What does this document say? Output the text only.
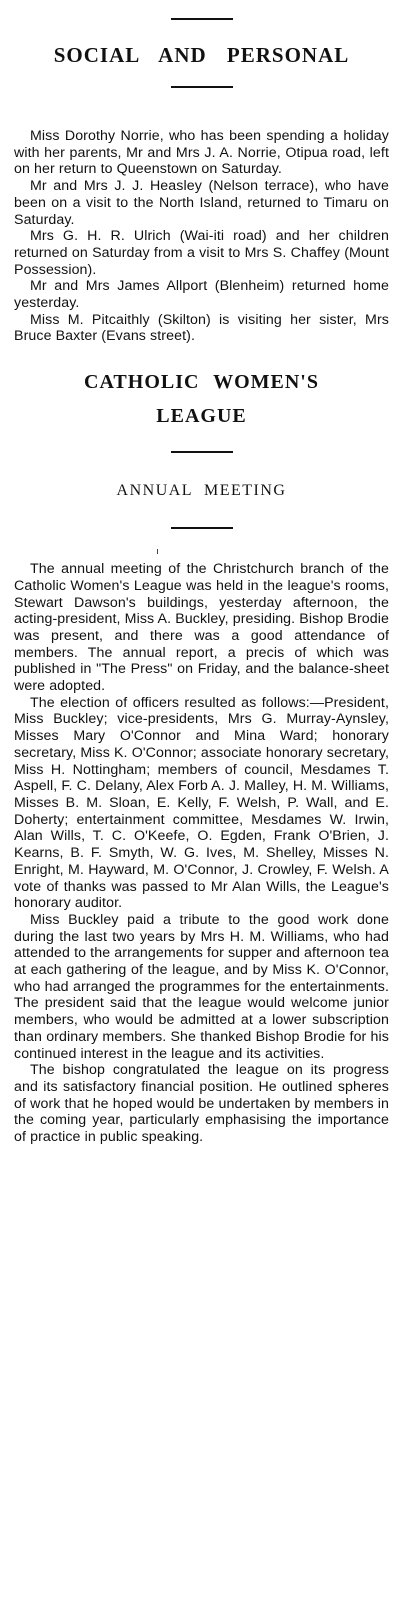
SOCIAL AND PERSONAL

Miss Dorothy Norrie, who has been spending a holiday with her parents, Mr and Mrs J. A. Norrie, Otipua road, left on her return to Queenstown on Saturday.

Mr and Mrs J. J. Heasley (Nelson terrace), who have been on a visit to the North Island, returned to Timaru on Saturday.

Mrs G. H. R. Ulrich (Wai-iti road) and her children returned on Saturday from a visit to Mrs S. Chaffey (Mount Possession).

Mr and Mrs James Allport (Blenheim) returned home yesterday.

Miss M. Pitcaithly (Skilton) is visiting her sister, Mrs Bruce Baxter (Evans street).

CATHOLIC WOMEN'S
LEAGUE
ANNUAL MEETING

The annual meeting of the Christchurch branch of the Catholic Women's League was held in the league's rooms, Stewart Dawson's buildings, yesterday afternoon, the acting-president, Miss A. Buckley, presiding. Bishop Brodie was present, and there was a good attendance of members. The annual report, a precis of which was published in "The Press" on Friday, and the balance-sheet were adopted.

The election of officers resulted as follows:—President, Miss Buckley; vice-presidents, Mrs G. Murray-Aynsley, Misses Mary O'Connor and Mina Ward; honorary secretary, Miss K. O'Connor; associate honorary secretary, Miss H. Nottingham; members of council, Mesdames T. Aspell, F. C. Delany, Alex Forb A. J. Malley, H. M. Williams, Misses B. M. Sloan, E. Kelly, F. Welsh, P. Wall, and E. Doherty; entertainment committee, Mesdames W. Irwin, Alan Wills, T. C. O'Keefe, O. Egden, Frank O'Brien, J. Kearns, B. F. Smyth, W. G. Ives, M. Shelley, Misses N. Enright, M. Hayward, M. O'Connor, J. Crowley, F. Welsh. A vote of thanks was passed to Mr Alan Wills, the League's honorary auditor.

Miss Buckley paid a tribute to the good work done during the last two years by Mrs H. M. Williams, who had attended to the arrangements for supper and afternoon tea at each gathering of the league, and by Miss K. O'Connor, who had arranged the programmes for the entertainments. The president said that the league would welcome junior members, who would be admitted at a lower subscription than ordinary members. She thanked Bishop Brodie for his continued interest in the league and its activities.

The bishop congratulated the league on its progress and its satisfactory financial position. He outlined spheres of work that he hoped would be undertaken by members in the coming year, particularly emphasising the importance of practice in public speaking.
